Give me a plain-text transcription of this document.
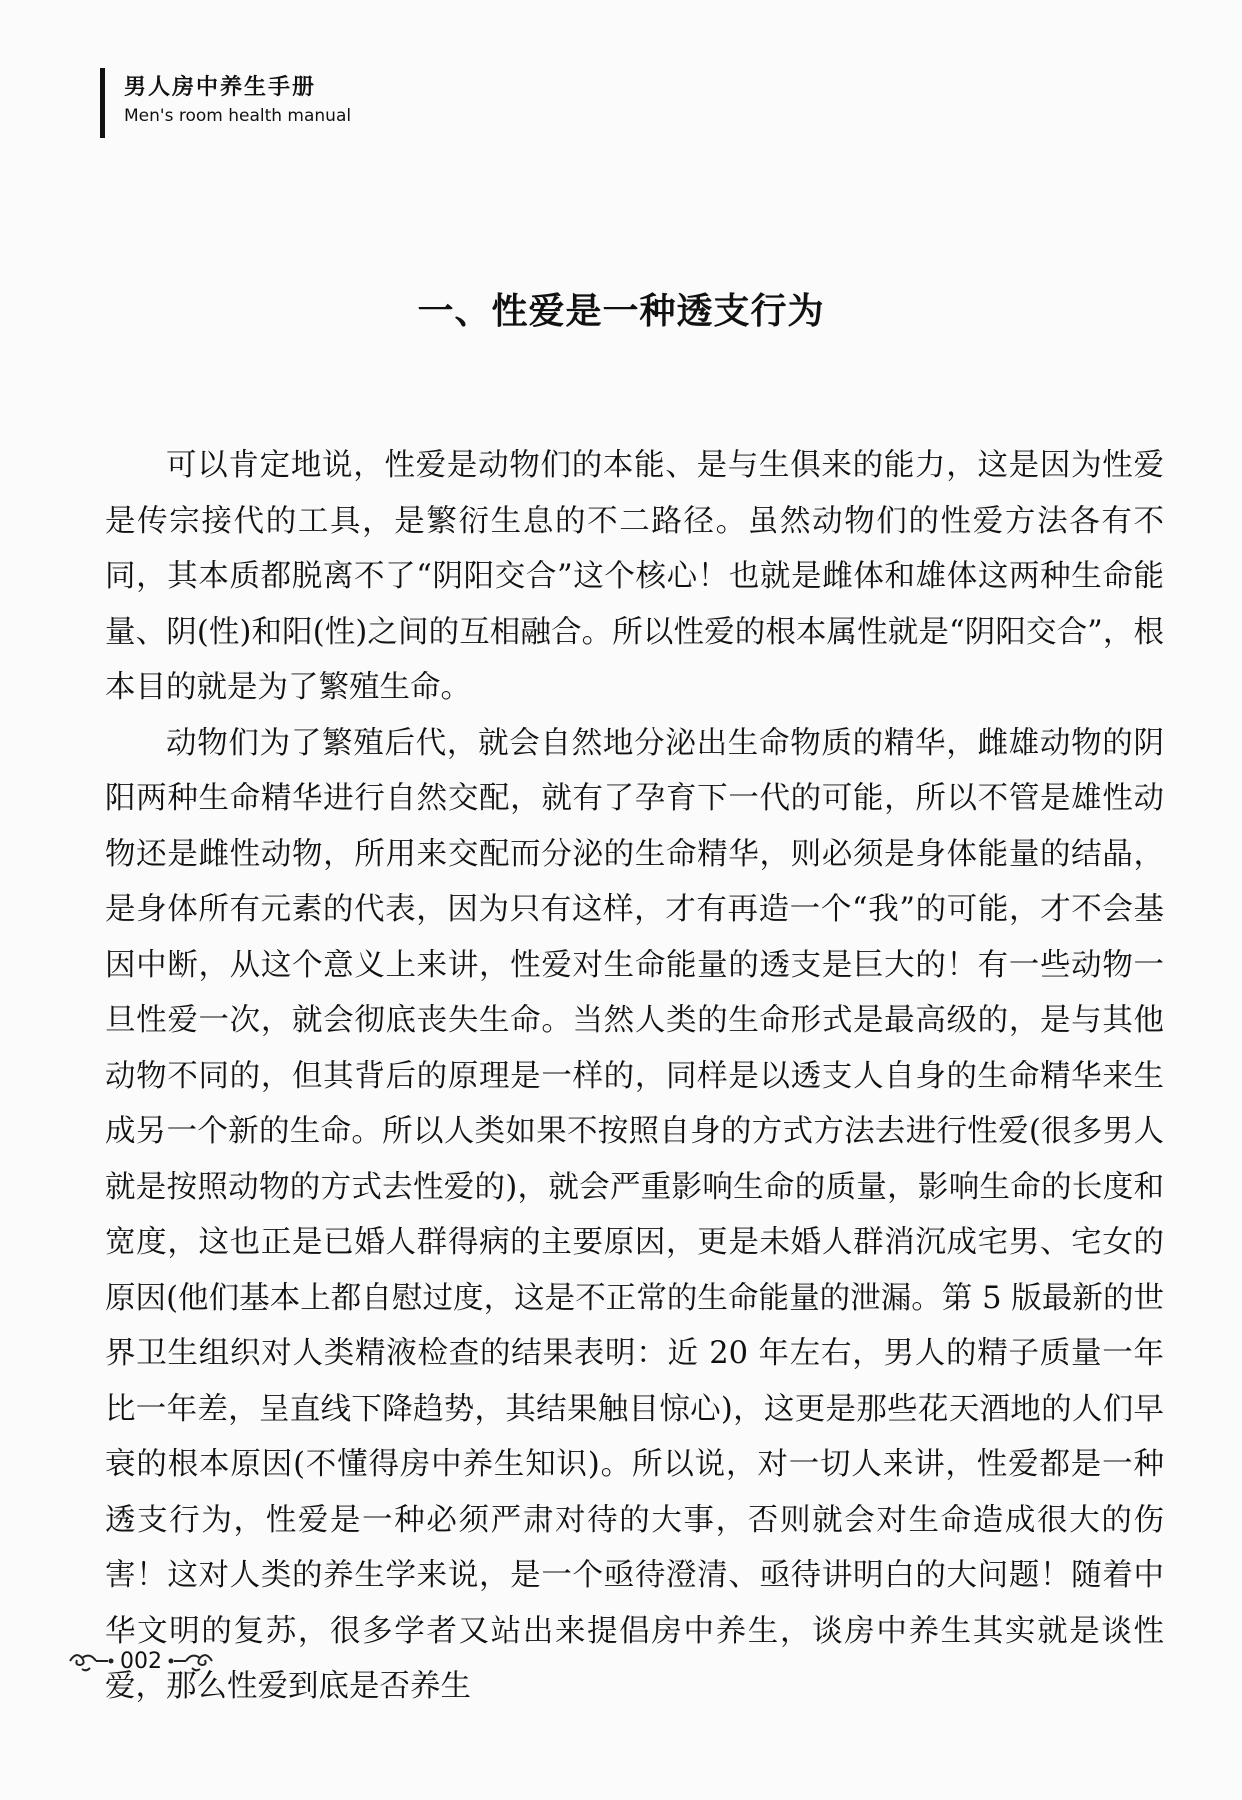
男人房中养生手册
Men's room health manual
一、性爱是一种透支行为

可以肯定地说，性爱是动物们的本能、是与生俱来的能力，这是因为性爱是传宗接代的工具，是繁衍生息的不二路径。虽然动物们的性爱方法各有不同，其本质都脱离不了“阴阳交合”这个核心！也就是雌体和雄体这两种生命能量、阴(性)和阳(性)之间的互相融合。所以性爱的根本属性就是“阴阳交合”，根本目的就是为了繁殖生命。

动物们为了繁殖后代，就会自然地分泌出生命物质的精华，雌雄动物的阴阳两种生命精华进行自然交配，就有了孕育下一代的可能，所以不管是雄性动物还是雌性动物，所用来交配而分泌的生命精华，则必须是身体能量的结晶，是身体所有元素的代表，因为只有这样，才有再造一个“我”的可能，才不会基因中断，从这个意义上来讲，性爱对生命能量的透支是巨大的！有一些动物一旦性爱一次，就会彻底丧失生命。当然人类的生命形式是最高级的，是与其他动物不同的，但其背后的原理是一样的，同样是以透支人自身的生命精华来生成另一个新的生命。所以人类如果不按照自身的方式方法去进行性爱(很多男人就是按照动物的方式去性爱的)，就会严重影响生命的质量，影响生命的长度和宽度，这也正是已婚人群得病的主要原因，更是未婚人群消沉成宅男、宅女的原因(他们基本上都自慰过度，这是不正常的生命能量的泄漏。第 5 版最新的世界卫生组织对人类精液检查的结果表明：近 20 年左右，男人的精子质量一年比一年差，呈直线下降趋势，其结果触目惊心)，这更是那些花天酒地的人们早衰的根本原因(不懂得房中养生知识)。所以说，对一切人来讲，性爱都是一种透支行为，性爱是一种必须严肃对待的大事，否则就会对生命造成很大的伤害！这对人类的养生学来说，是一个亟待澄清、亟待讲明白的大问题！随着中华文明的复苏，很多学者又站出来提倡房中养生，谈房中养生其实就是谈性爱，那么性爱到底是否养生

002
